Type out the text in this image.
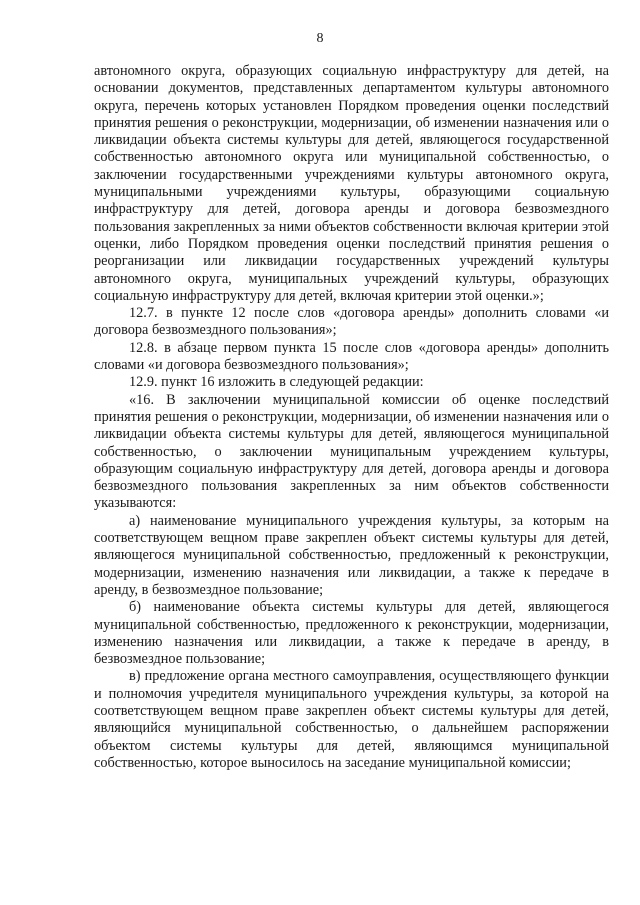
8

автономного округа, образующих социальную инфраструктуру для детей, на основании документов, представленных департаментом культуры автономного округа, перечень которых установлен Порядком проведения оценки последствий принятия решения о реконструкции, модернизации, об изменении назначения или о ликвидации объекта системы культуры для детей, являющегося государственной собственностью автономного округа или муниципальной собственностью, о заключении государственными учреждениями культуры автономного округа, муниципальными учреждениями культуры, образующими социальную инфраструктуру для детей, договора аренды и договора безвозмездного пользования закрепленных за ними объектов собственности включая критерии этой оценки, либо Порядком проведения оценки последствий принятия решения о реорганизации или ликвидации государственных учреждений культуры автономного округа, муниципальных учреждений культуры, образующих социальную инфраструктуру для детей, включая критерии этой оценки.»;

12.7. в пункте 12 после слов «договора аренды» дополнить словами «и договора безвозмездного пользования»;

12.8. в абзаце первом пункта 15 после слов «договора аренды» дополнить словами «и договора безвозмездного пользования»;

12.9. пункт 16 изложить в следующей редакции:

«16. В заключении муниципальной комиссии об оценке последствий принятия решения о реконструкции, модернизации, об изменении назначения или о ликвидации объекта системы культуры для детей, являющегося муниципальной собственностью, о заключении муниципальным учреждением культуры, образующим социальную инфраструктуру для детей, договора аренды и договора безвозмездного пользования закрепленных за ним объектов собственности указываются:

а) наименование муниципального учреждения культуры, за которым на соответствующем вещном праве закреплен объект системы культуры для детей, являющегося муниципальной собственностью, предложенный к реконструкции, модернизации, изменению назначения или ликвидации, а также к передаче в аренду, в безвозмездное пользование;

б) наименование объекта системы культуры для детей, являющегося муниципальной собственностью, предложенного к реконструкции, модернизации, изменению назначения или ликвидации, а также к передаче в аренду, в безвозмездное пользование;

в) предложение органа местного самоуправления, осуществляющего функции и полномочия учредителя муниципального учреждения культуры, за которой на соответствующем вещном праве закреплен объект системы культуры для детей, являющийся муниципальной собственностью, о дальнейшем распоряжении объектом системы культуры для детей, являющимся муниципальной собственностью, которое выносилось на заседание муниципальной комиссии;
